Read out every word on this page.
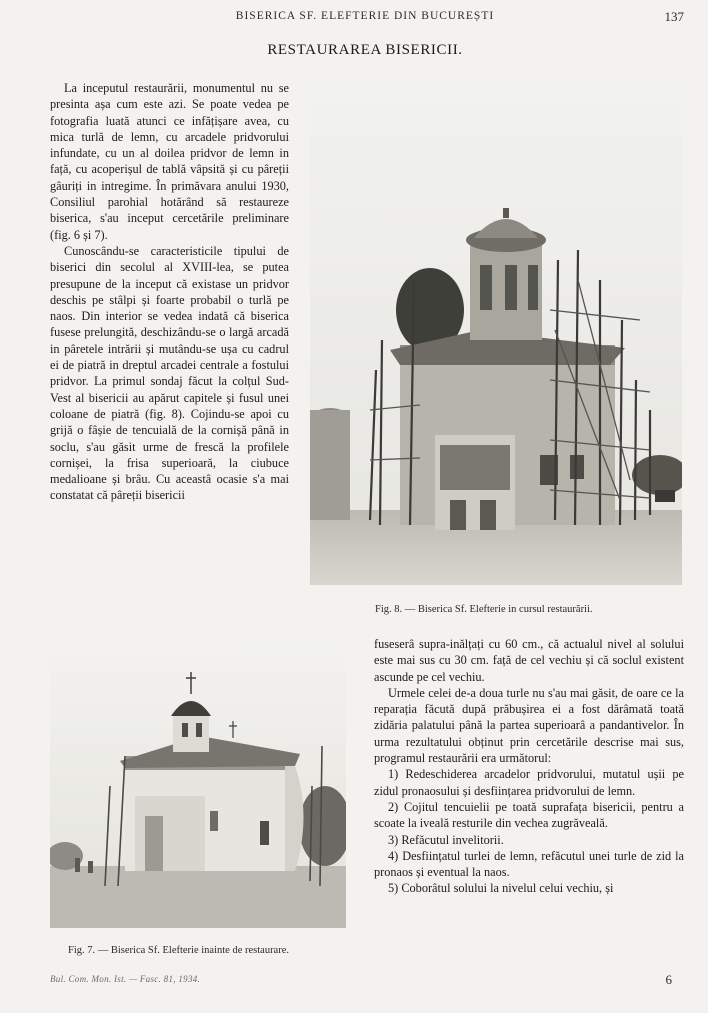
BISERICA SF. ELEFTERIE DIN BUCUREȘTI	137
RESTAURAREA BISERICII.

La inceputul restaurării, monumentul nu se presinta așa cum este azi. Se poate vedea pe fotografia luată atunci ce infățișare avea, cu mica turlă de lemn, cu arcadele pridvorului infundate, cu un al doilea pridvor de lemn in față, cu acoperișul de tablă vâpsită și cu pâreții gâuriți in intregime. În primăvara anului 1930, Consiliul parohial hotărând să restaureze biserica, s'au inceput cercetările preliminare (fig. 6 și 7).

Cunoscându-se caracteristicile tipului de biserici din secolul al XVIII-lea, se putea presupune de la inceput că existase un pridvor deschis pe stâlpi și foarte probabil o turlă pe naos. Din interior se vedea indată că biserica fusese prelungită, deschizându-se o largă arcadă in pâretele intrării și mutându-se ușa cu cadrul ei de piatră in dreptul arcadei centrale a fostului pridvor. La primul sondaj făcut la colțul Sud-Vest al bisericii au apărut capitele și fusul unei coloane de piatră (fig. 8). Cojindu-se apoi cu grijă o fâșie de tencuială de la cornișă până in soclu, s'au găsit urme de frescă la profilele cornișei, la frisa superioară, la ciubuce medalioane și brâu. Cu aceastâ ocasie s'a mai constatat că pâreții bisericii

Fig. 8. — Biserica Sf. Elefterie in cursul restaurării.
Fig. 7. — Biserica Sf. Elefterie inainte de restaurare.

fuseserâ supra-inălțați cu 60 cm., că actualul nivel al solului este mai sus cu 30 cm. față de cel vechiu și că soclul existent ascunde pe cel vechiu.

Urmele celei de-a doua turle nu s'au mai găsit, de oare ce la reparația făcută după prăbușirea ei a fost dărâmată toată zidăria palatului până la partea superioarâ a pandantivelor. În urma rezultatului obținut prin cercetările descrise mai sus, programul restaurării era următorul:

1) Redeschiderea arcadelor pridvorului, mutatul ușii pe zidul pronaosului și desființarea pridvorului de lemn.

2) Cojitul tencuielii pe toată suprafața bisericii, pentru a scoate la iveală resturile din vechea zugrăveală.

3) Refăcutul invelitorii.

4) Desființatul turlei de lemn, refăcutul unei turle de zid la pronaos și eventual la naos.

5) Coborâtul solului la nivelul celui vechiu, și

Bul. Com. Mon. Ist. — Fasc. 81, 1934.	6
